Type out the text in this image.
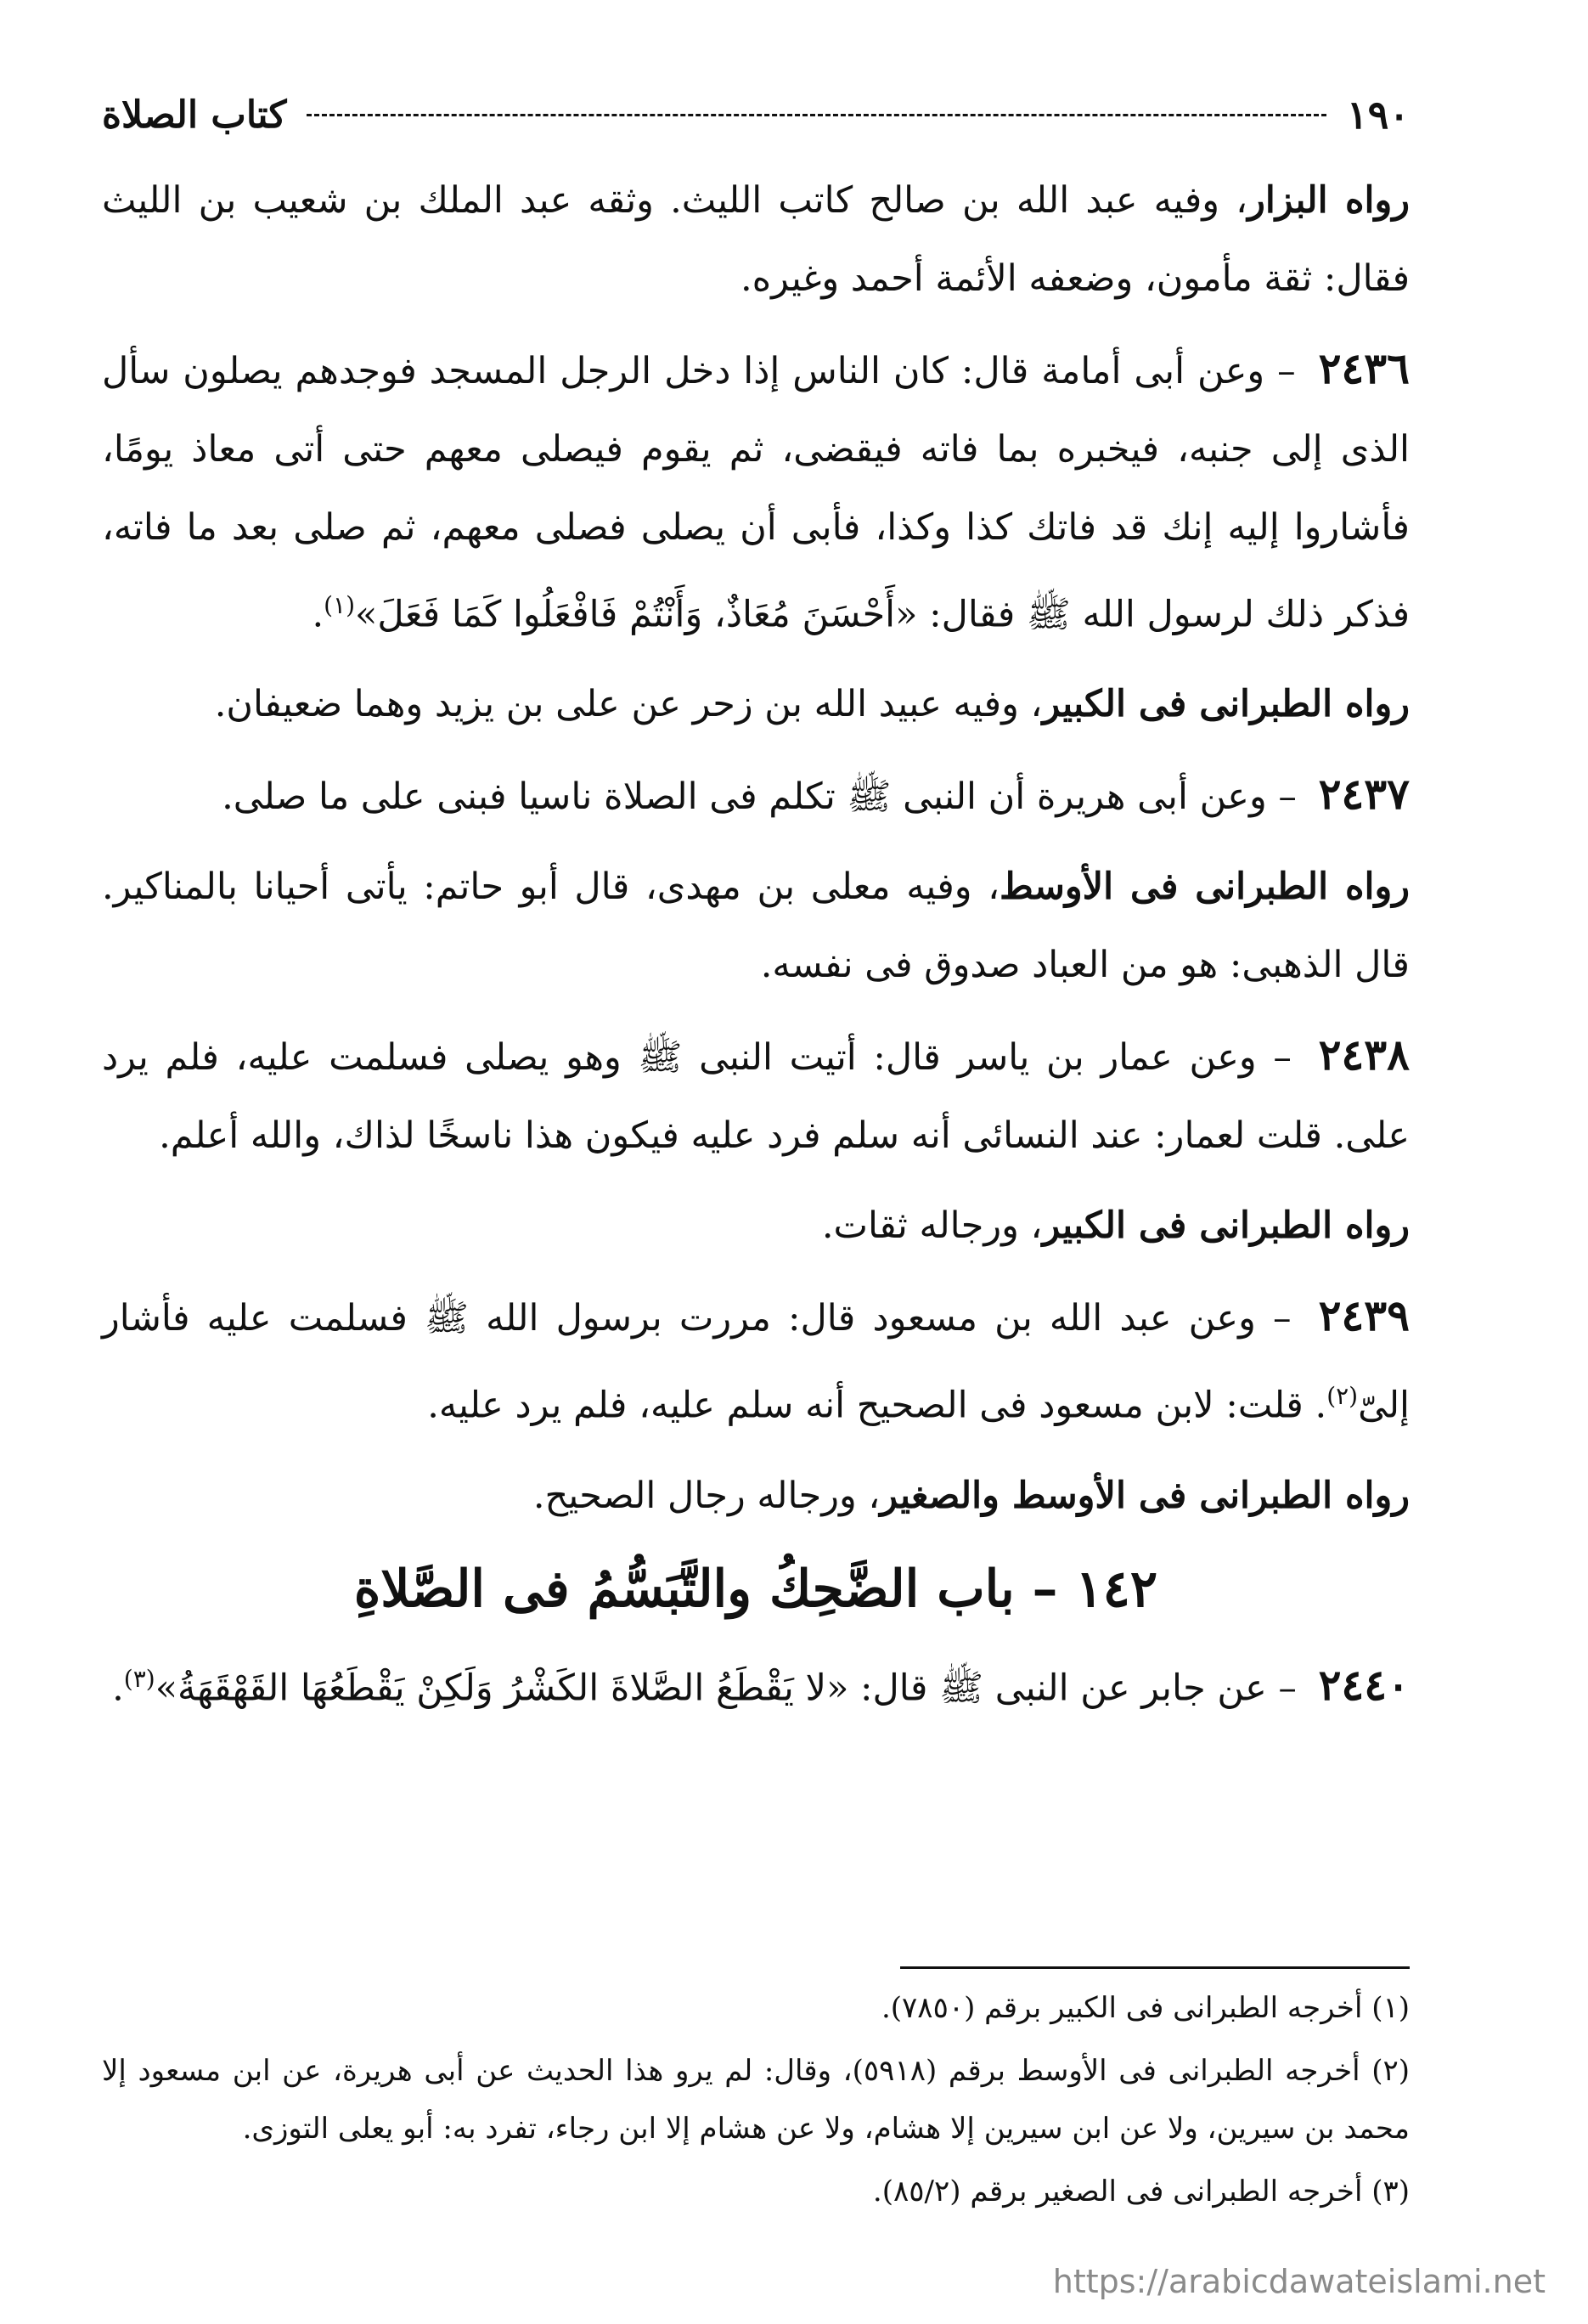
١٩٠
كتاب الصلاة

رواه البزار، وفيه عبد الله بن صالح كاتب الليث. وثقه عبد الملك بن شعيب بن الليث فقال: ثقة مأمون، وضعفه الأئمة أحمد وغيره.

٢٤٣٦ – وعن أبى أمامة قال: كان الناس إذا دخل الرجل المسجد فوجدهم يصلون سأل الذى إلى جنبه، فيخبره بما فاته فيقضى، ثم يقوم فيصلى معهم حتى أتى معاذ يومًا، فأشاروا إليه إنك قد فاتك كذا وكذا، فأبى أن يصلى فصلى معهم، ثم صلى بعد ما فاته، فذكر ذلك لرسول الله ﷺ فقال: «أَحْسَنَ مُعَاذٌ، وَأَنْتُمْ فَافْعَلُوا كَمَا فَعَلَ»$^{(١)}$.

رواه الطبرانى فى الكبير، وفيه عبيد الله بن زحر عن على بن يزيد وهما ضعيفان.

٢٤٣٧ – وعن أبى هريرة أن النبى ﷺ تكلم فى الصلاة ناسيا فبنى على ما صلى.

رواه الطبرانى فى الأوسط، وفيه معلى بن مهدى، قال أبو حاتم: يأتى أحيانا بالمناكير. قال الذهبى: هو من العباد صدوق فى نفسه.

٢٤٣٨ – وعن عمار بن ياسر قال: أتيت النبى ﷺ وهو يصلى فسلمت عليه، فلم يرد على. قلت لعمار: عند النسائى أنه سلم فرد عليه فيكون هذا ناسخًا لذاك، والله أعلم.

رواه الطبرانى فى الكبير، ورجاله ثقات.

٢٤٣٩ – وعن عبد الله بن مسعود قال: مررت برسول الله ﷺ فسلمت عليه فأشار إلىّ$^{(٢)}$. قلت: لابن مسعود فى الصحيح أنه سلم عليه، فلم يرد عليه.

رواه الطبرانى فى الأوسط والصغير، ورجاله رجال الصحيح.

١٤٢ – باب الضَّحِكُ والتَّبَسُّمُ فى الصَّلاةِ

٢٤٤٠ – عن جابر عن النبى ﷺ قال: «لا يَقْطَعُ الصَّلاةَ الكَشْرُ وَلَكِنْ يَقْطَعُهَا القَهْقَهَةُ»$^{(٣)}$.

(١) أخرجه الطبرانى فى الكبير برقم (٧٨٥٠).

(٢) أخرجه الطبرانى فى الأوسط برقم (٥٩١٨)، وقال: لم يرو هذا الحديث عن أبى هريرة، عن ابن مسعود إلا محمد بن سيرين، ولا عن ابن سيرين إلا هشام، ولا عن هشام إلا ابن رجاء، تفرد به: أبو يعلى التوزى.

(٣) أخرجه الطبرانى فى الصغير برقم (٨٥/٢).

https://arabicdawateislami.net
